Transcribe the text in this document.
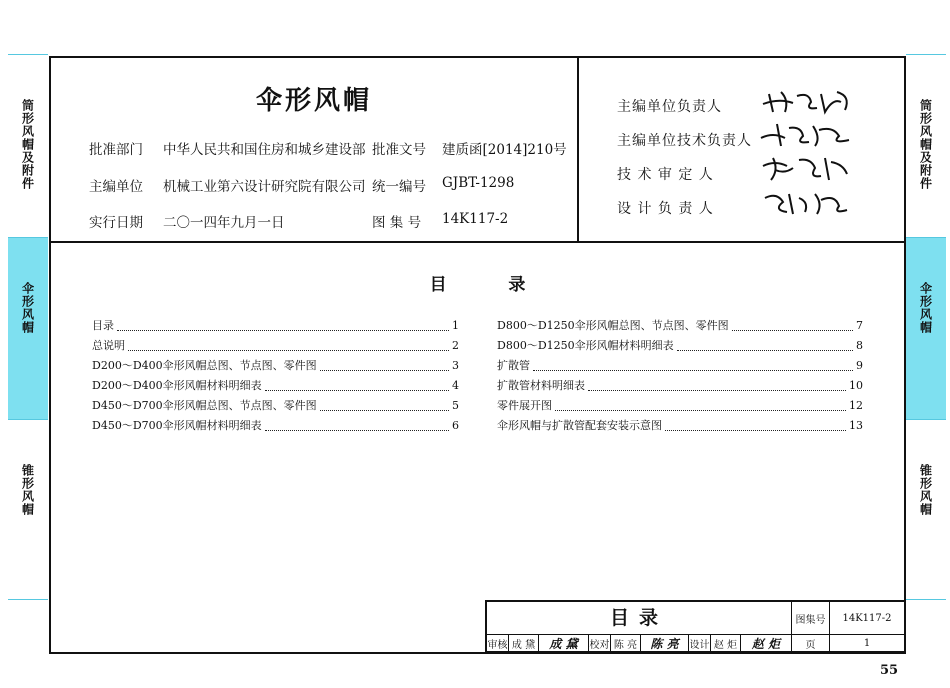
筒形风帽及附件
伞形风帽
锥形风帽
筒形风帽及附件
伞形风帽
锥形风帽
伞形风帽
批准部门 中华人民共和国住房和城乡建设部 批准文号 建质函[2014]210号
主编单位 机械工业第六设计研究院有限公司 统一编号 GJBT-1298
实行日期 二〇一四年九月一日	图 集 号 14K117-2
主编单位负责人
主编单位技术负责人
技 术 审 定 人
设 计 负 责 人
目	录
目录	1
总说明	2
D200～D400伞形风帽总图、节点图、零件图	3
D200～D400伞形风帽材料明细表	4
D450～D700伞形风帽总图、节点图、零件图	5
D450～D700伞形风帽材料明细表	6
D800～D1250伞形风帽总图、节点图、零件图	7
D800～D1250伞形风帽材料明细表	8
扩散管	9
扩散管材料明细表	10
零件展开图	12
伞形风帽与扩散管配套安装示意图	13
目录	图集号	14K117-2
审核 成 黛	成 黛	校对 陈 亮	陈 亮	设计 赵 炬	赵 炬	页	1
55
